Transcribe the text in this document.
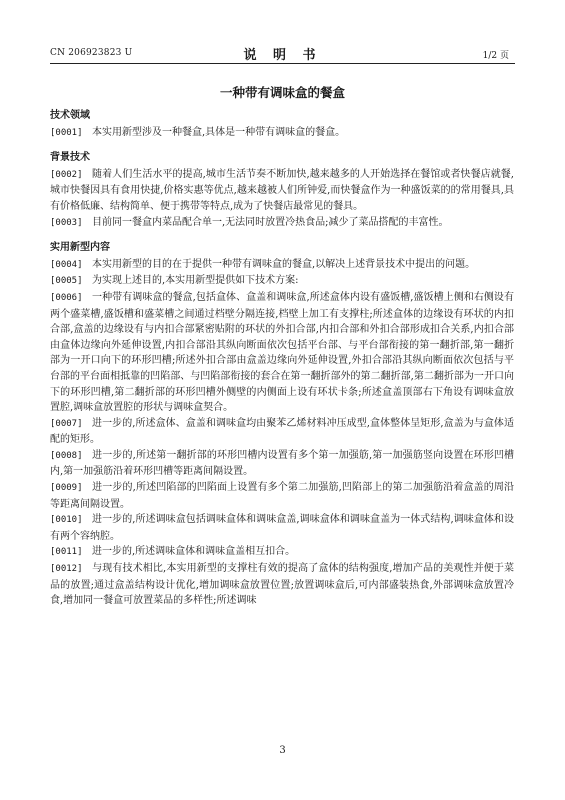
CN 206923823 U	说 明 书	1/2 页
一种带有调味盒的餐盒
技术领域
[0001] 本实用新型涉及一种餐盒,具体是一种带有调味盒的餐盒。
背景技术
[0002] 随着人们生活水平的提高,城市生活节奏不断加快,越来越多的人开始选择在餐馆或者快餐店就餐,城市快餐因具有食用快捷,价格实惠等优点,越来越被人们所钟爱,而快餐盒作为一种盛饭菜的的常用餐具,具有价格低廉、结构简单、便于携带等特点,成为了快餐店最常见的餐具。
[0003] 目前同一餐盒内菜品配合单一,无法同时放置冷热食品;减少了菜品搭配的丰富性。
实用新型内容
[0004] 本实用新型的目的在于提供一种带有调味盒的餐盒,以解决上述背景技术中提出的问题。
[0005] 为实现上述目的,本实用新型提供如下技术方案:
[0006] 一种带有调味盒的餐盒,包括盒体、盒盖和调味盒,所述盒体内设有盛饭槽,盛饭槽上侧和右侧设有两个盛菜槽,盛饭槽和盛菜槽之间通过档壁分隔连接,档壁上加工有支撑柱;所述盒体的边缘设有环状的内扣合部,盒盖的边缘设有与内扣合部紧密贴附的环状的外扣合部,内扣合部和外扣合部形成扣合关系,内扣合部由盒体边缘向外延伸设置,内扣合部沿其纵向断面依次包括平台部、与平台部衔接的第一翻折部,第一翻折部为一开口向下的环形凹槽;所述外扣合部由盒盖边缘向外延伸设置,外扣合部沿其纵向断面依次包括与平台部的平台面相抵靠的凹陷部、与凹陷部衔接的套合在第一翻折部外的第二翻折部,第二翻折部为一开口向下的环形凹槽,第二翻折部的环形凹槽外侧壁的内侧面上设有环状卡条;所述盒盖顶部右下角设有调味盒放置腔,调味盒放置腔的形状与调味盒契合。
[0007] 进一步的,所述盒体、盒盖和调味盒均由聚苯乙烯材料冲压成型,盒体整体呈矩形,盒盖为与盒体适配的矩形。
[0008] 进一步的,所述第一翻折部的环形凹槽内设置有多个第一加强筋,第一加强筋竖向设置在环形凹槽内,第一加强筋沿着环形凹槽等距离间隔设置。
[0009] 进一步的,所述凹陷部的凹陷面上设置有多个第二加强筋,凹陷部上的第二加强筋沿着盒盖的周沿等距离间隔设置。
[0010] 进一步的,所述调味盒包括调味盒体和调味盒盖,调味盒体和调味盒盖为一体式结构,调味盒体和设有两个容纳腔。
[0011] 进一步的,所述调味盒体和调味盒盖相互扣合。
[0012] 与现有技术相比,本实用新型的支撑柱有效的提高了盒体的结构强度,增加产品的美观性并便于菜品的放置;通过盒盖结构设计优化,增加调味盒放置位置;放置调味盒后,可内部盛装热食,外部调味盒放置冷食,增加同一餐盒可放置菜品的多样性;所述调味
3
